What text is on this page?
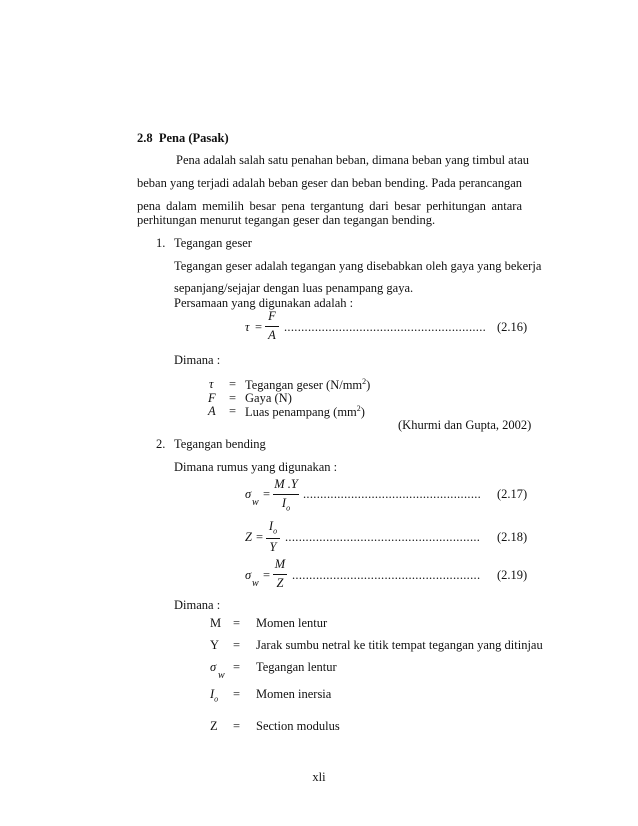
2.8 Pena (Pasak)
Pena adalah salah satu penahan beban, dimana beban yang timbul atau
beban yang terjadi adalah beban geser dan beban bending. Pada perancangan
pena dalam memilih besar pena tergantung dari besar perhitungan antara
perhitungan menurut tegangan geser dan tegangan bending.
1. Tegangan geser
Tegangan geser adalah tegangan yang disebabkan oleh gaya yang bekerja
sepanjang/sejajar dengan luas penampang gaya.
Persamaan yang digunakan adalah :
τ =
F
A
........................................................... (2.16)
Dimana :
τ = Tegangan geser $(N/mm^2)$
F = Gaya (N)
A = Luas penampang $(mm^2)$
(Khurmi dan Gupta, 2002)
2. Tegangan bending
Dimana rumus yang digunakan :
σ
w
=
M .Y
$I_o$
.................................................... (2.17)
Z =
$I_o$
Y
......................................................... (2.18)
σ
w
=
M
Z
....................................................... (2.19)
Dimana :
M = Momen lentur
Y = Jarak sumbu netral ke titik tempat tegangan yang ditinjau
σ
w
= Tegangan lentur
$I_o$ = Momen inersia
Z = Section modulus
xli
